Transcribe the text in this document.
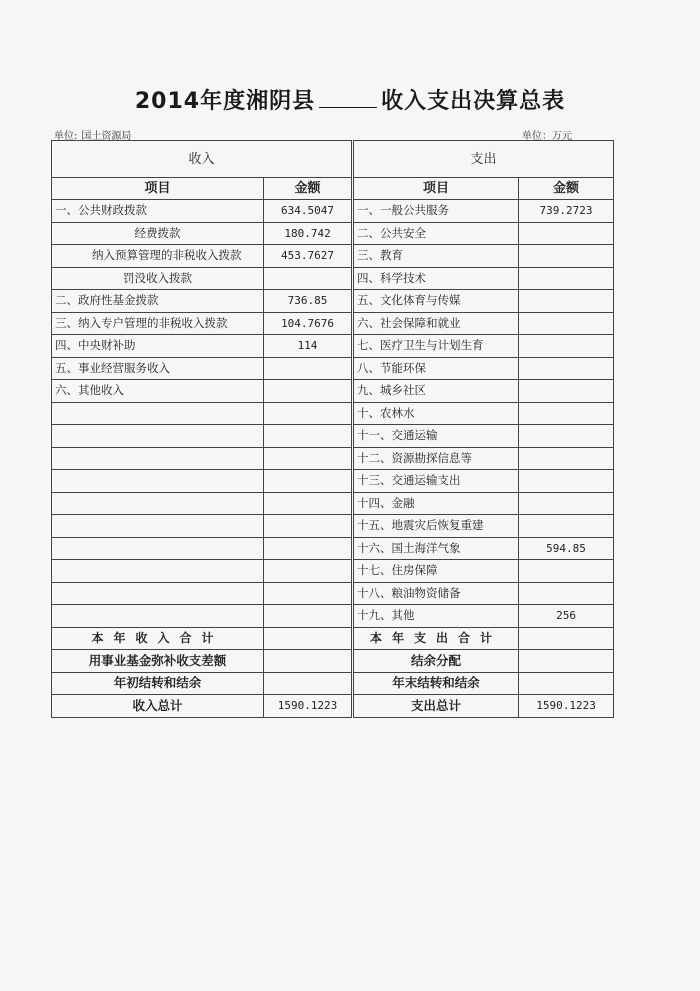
2014年度湘阴县	收入支出决算总表
单位: 国土资源局	单位：万元
收入		支出	
项目	金额	项目	金额
一、公共财政拨款	634.5047	一、一般公共服务	739.2723
经费拨款	180.742	二、公共安全	
纳入预算管理的非税收入拨款	453.7627	三、教育	
罚没收入拨款		四、科学技术	
二、政府性基金拨款	736.85	五、文化体育与传媒	
三、纳入专户管理的非税收入拨款	104.7676	六、社会保障和就业	
四、中央财补助	114	七、医疗卫生与计划生育	
五、事业经营服务收入		八、节能环保	
六、其他收入		九、城乡社区	
		十、农林水	
		十一、交通运输	
		十二、资源勘探信息等	
		十三、交通运输支出	
		十四、金融	
		十五、地震灾后恢复重建	
		十六、国土海洋气象	594.85
		十七、住房保障	
		十八、粮油物资储备	
		十九、其他	256
本年收入合计		本年支出合计	
用事业基金弥补收支差额		结余分配	
年初结转和结余		年末结转和结余	
收入总计	1590.1223	支出总计	1590.1223
